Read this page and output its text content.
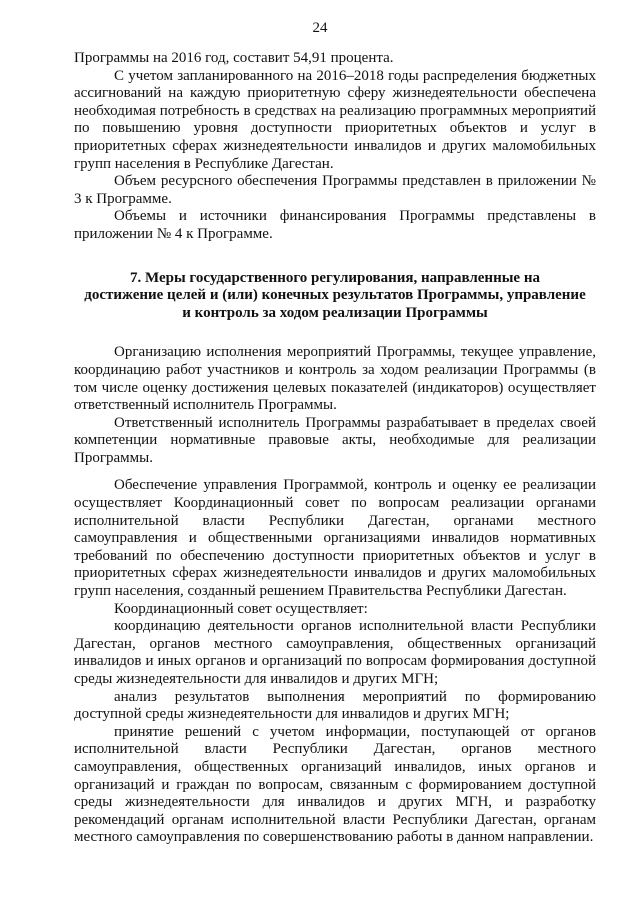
24

Программы на 2016 год, составит 54,91 процента.

С учетом запланированного на 2016–2018 годы распределения бюджетных ассигнований на каждую приоритетную сферу жизнедеятельности обеспечена необходимая потребность в средствах на реализацию программных мероприятий по повышению уровня доступности приоритетных объектов и услуг в приоритетных сферах жизнедеятельности инвалидов и других маломобильных групп населения в Республике Дагестан.

Объем ресурсного обеспечения Программы представлен в приложении № 3 к Программе.

Объемы и источники финансирования Программы представлены в приложении № 4 к Программе.

7. Меры государственного регулирования, направленные на
достижение целей и (или) конечных результатов Программы, управление
и контроль за ходом реализации Программы

Организацию исполнения мероприятий Программы, текущее управление, координацию работ участников и контроль за ходом реализации Программы (в том числе оценку достижения целевых показателей (индикаторов) осуществляет ответственный исполнитель Программы.

Ответственный исполнитель Программы разрабатывает в пределах своей компетенции нормативные правовые акты, необходимые для реализации Программы.

Обеспечение управления Программой, контроль и оценку ее реализации осуществляет Координационный совет по вопросам реализации органами исполнительной власти Республики Дагестан, органами местного самоуправления и общественными организациями инвалидов нормативных требований по обеспечению доступности приоритетных объектов и услуг в приоритетных сферах жизнедеятельности инвалидов и других маломобильных групп населения, созданный решением Правительства Республики Дагестан.

Координационный совет осуществляет:

координацию деятельности органов исполнительной власти Республики Дагестан, органов местного самоуправления, общественных организаций инвалидов и иных органов и организаций по вопросам формирования доступной среды жизнедеятельности для инвалидов и других МГН;

анализ результатов выполнения мероприятий по формированию доступной среды жизнедеятельности для инвалидов и других МГН;

принятие решений с учетом информации, поступающей от органов исполнительной власти Республики Дагестан, органов местного самоуправления, общественных организаций инвалидов, иных органов и организаций и граждан по вопросам, связанным с формированием доступной среды жизнедеятельности для инвалидов и других МГН, и разработку рекомендаций органам исполнительной власти Республики Дагестан, органам местного самоуправления по совершенствованию работы в данном направлении.
